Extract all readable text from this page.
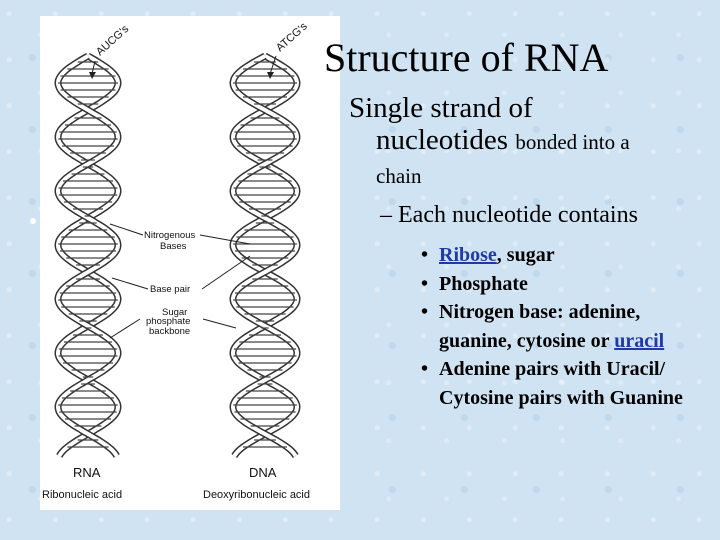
AUCG's	ATCG's
Nitrogenous
Bases
Base pair
Sugar
phosphate
backbone
RNA
Ribonucleic acid
DNA
Deoxyribonucleic acid
Structure of RNA
Single strand of
nucleotides bonded into a
chain
– Each nucleotide contains
• Ribose, sugar
• Phosphate
• Nitrogen base: adenine, guanine, cytosine or uracil
• Adenine pairs with Uracil/ Cytosine pairs with Guanine
